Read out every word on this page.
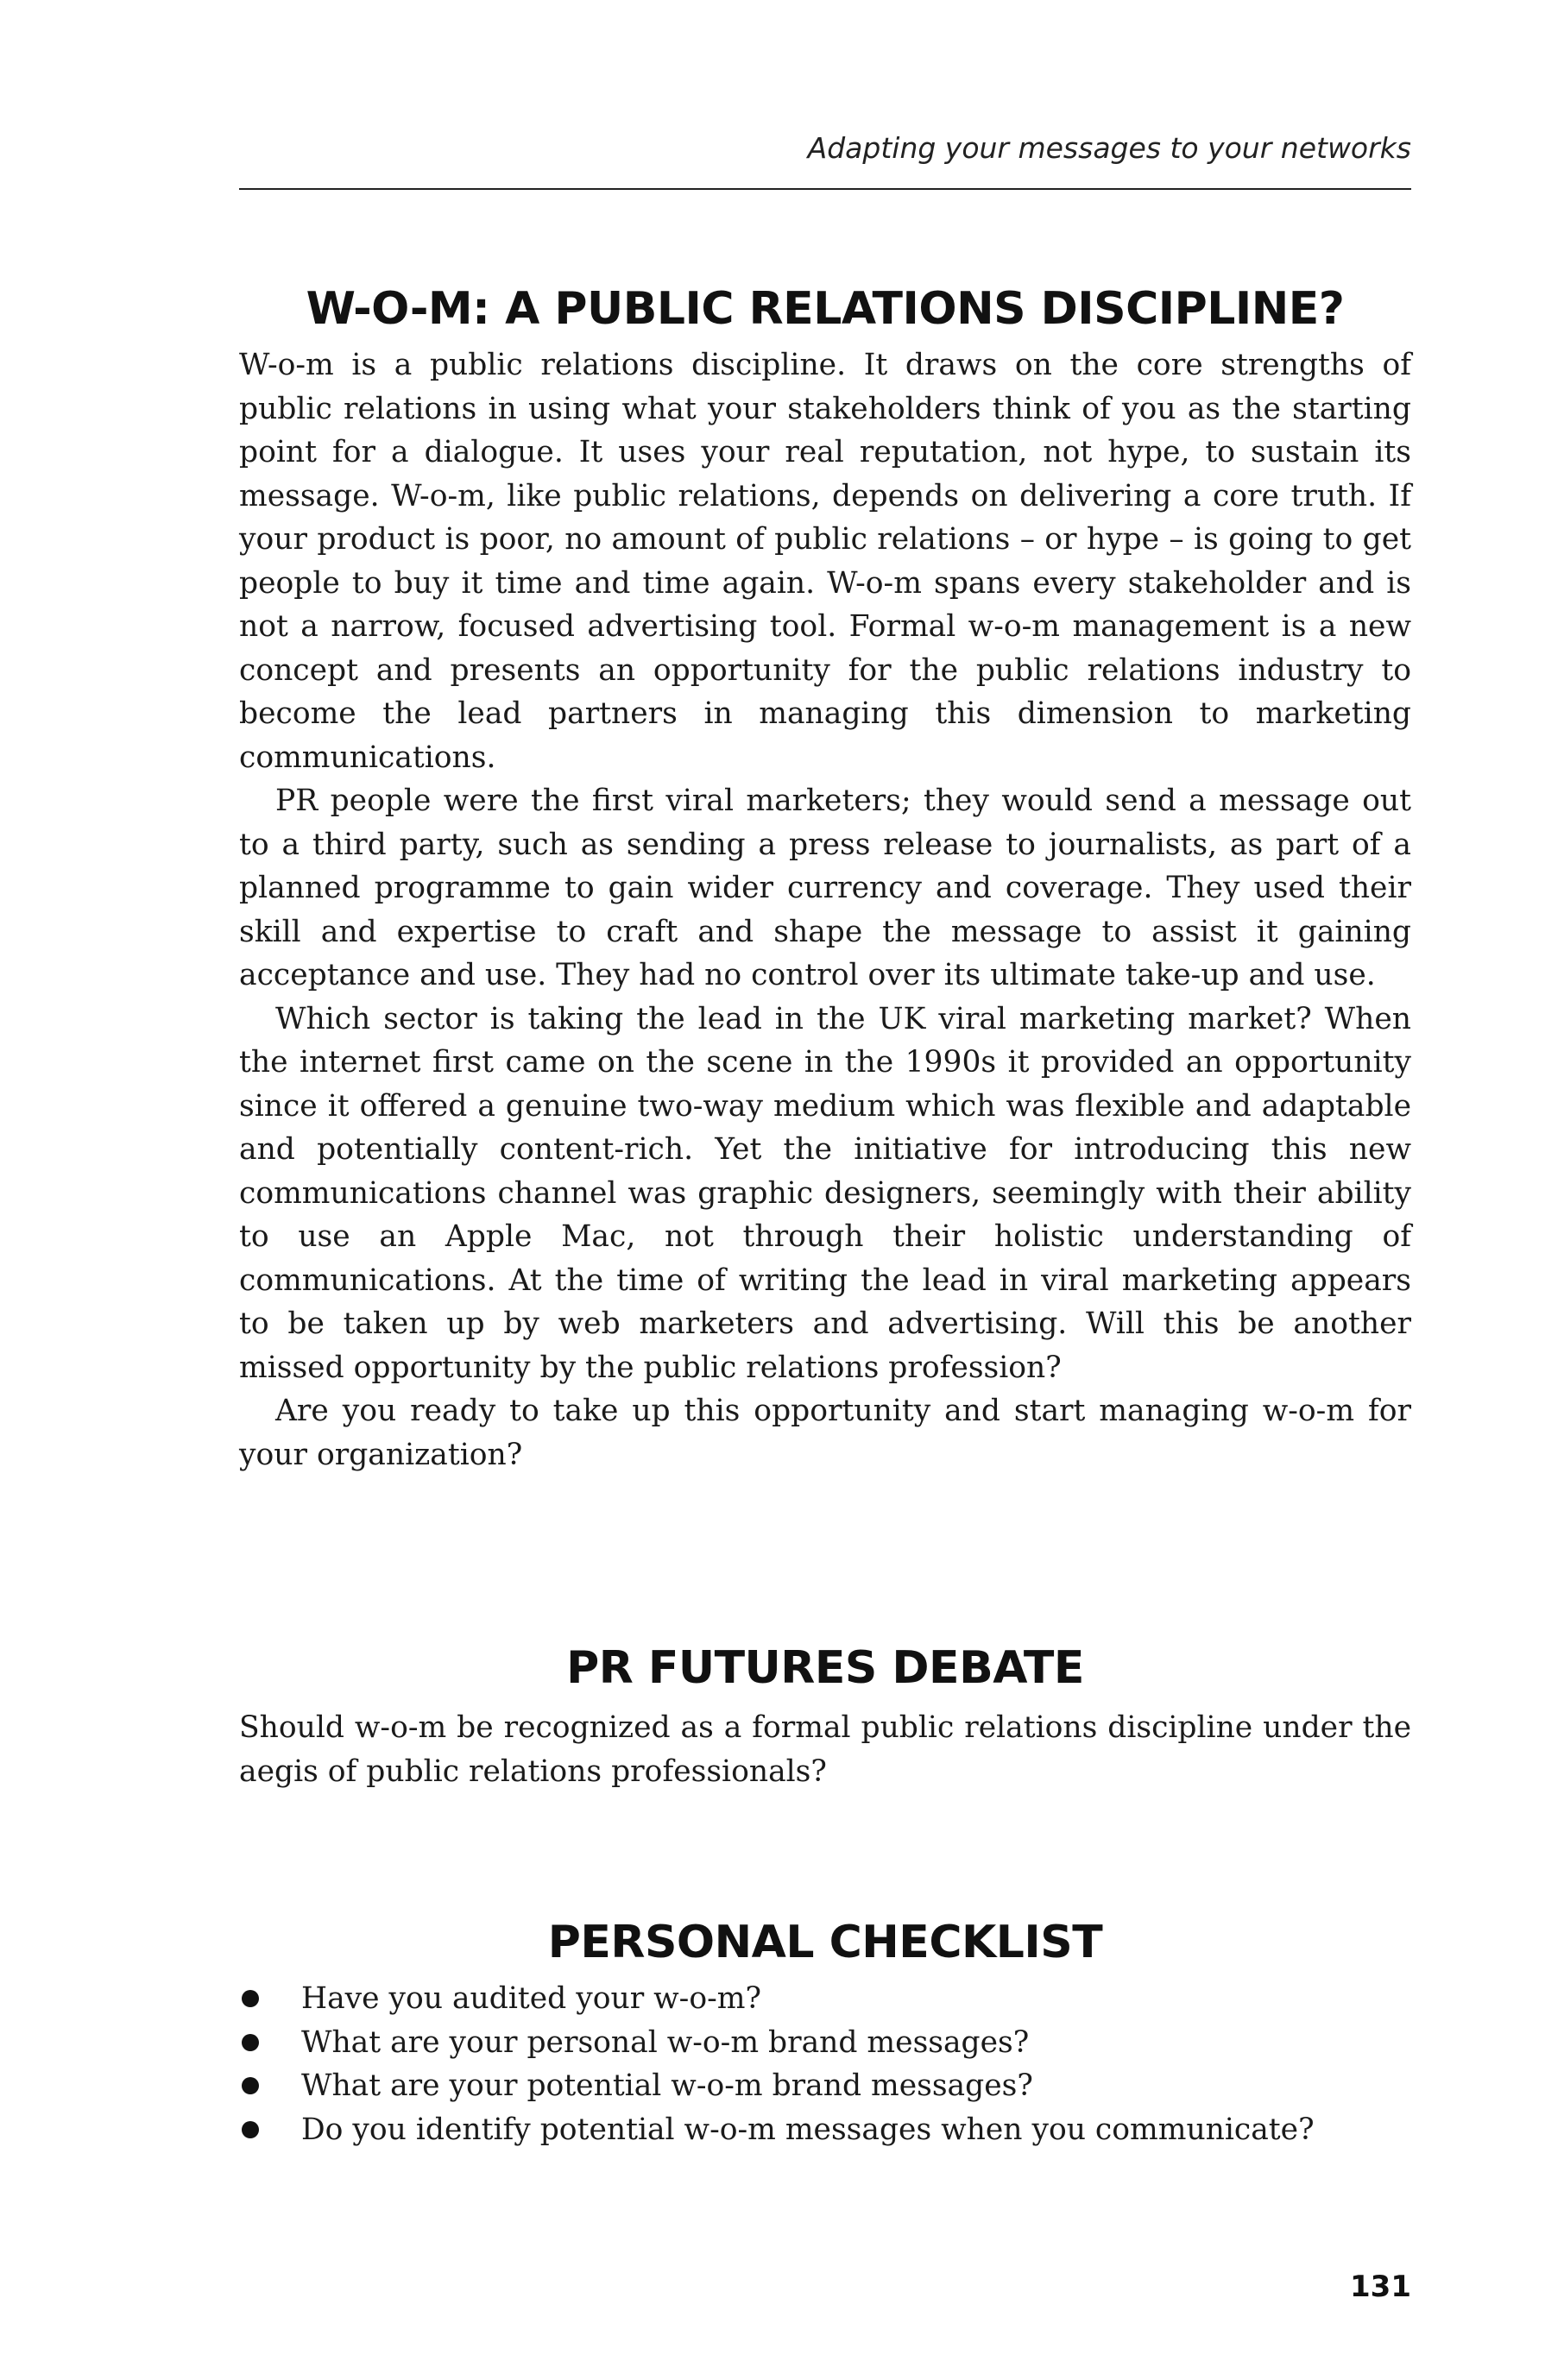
Adapting your messages to your networks
W-O-M: A PUBLIC RELATIONS DISCIPLINE?

W-o-m is a public relations discipline. It draws on the core strengths of public relations in using what your stakeholders think of you as the starting point for a dialogue. It uses your real reputation, not hype, to sustain its message. W-o-m, like public relations, depends on delivering a core truth. If your product is poor, no amount of public relations – or hype – is going to get people to buy it time and time again. W-o-m spans every stakeholder and is not a narrow, focused advertising tool. Formal w-o-m management is a new concept and presents an opportunity for the public relations industry to become the lead partners in managing this dimension to marketing communications.

PR people were the first viral marketers; they would send a message out to a third party, such as sending a press release to journalists, as part of a planned programme to gain wider currency and coverage. They used their skill and expertise to craft and shape the message to assist it gaining acceptance and use. They had no control over its ultimate take-up and use.

Which sector is taking the lead in the UK viral marketing market? When the internet first came on the scene in the 1990s it provided an opportunity since it offered a genuine two-way medium which was flexible and adaptable and potentially content-rich. Yet the initiative for introducing this new communications channel was graphic designers, seemingly with their ability to use an Apple Mac, not through their holistic understanding of communications. At the time of writing the lead in viral marketing appears to be taken up by web marketers and advertising. Will this be another missed opportunity by the public relations profession?

Are you ready to take up this opportunity and start managing w-o-m for your organization?

PR FUTURES DEBATE

Should w-o-m be recognized as a formal public relations discipline under the aegis of public relations professionals?

PERSONAL CHECKLIST
Have you audited your w-o-m?
What are your personal w-o-m brand messages?
What are your potential w-o-m brand messages?
Do you identify potential w-o-m messages when you communicate?
131
